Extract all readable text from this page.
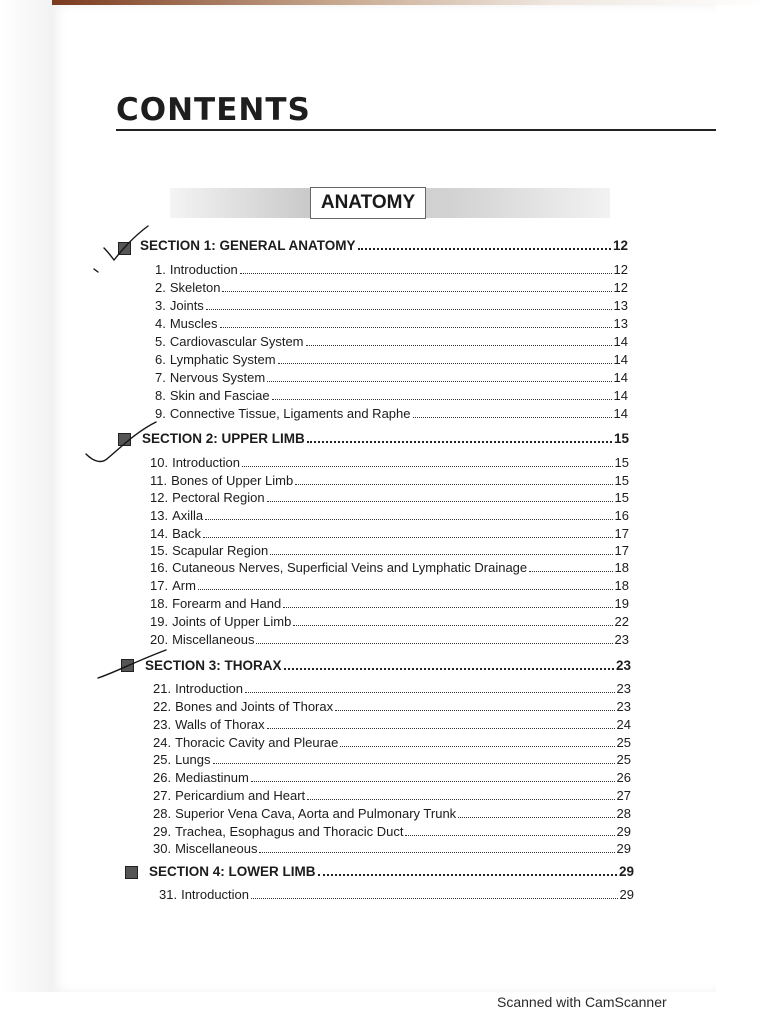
CONTENTS
ANATOMY
SECTION 1: GENERAL ANATOMY	12
1. Introduction	12
2. Skeleton	12
3. Joints	13
4. Muscles	13
5. Cardiovascular System	14
6. Lymphatic System	14
7. Nervous System	14
8. Skin and Fasciae	14
9. Connective Tissue, Ligaments and Raphe	14
SECTION 2: UPPER LIMB	15
10. Introduction	15
11. Bones of Upper Limb	15
12. Pectoral Region	15
13. Axilla	16
14. Back	17
15. Scapular Region	17
16. Cutaneous Nerves, Superficial Veins and Lymphatic Drainage	18
17. Arm	18
18. Forearm and Hand	19
19. Joints of Upper Limb	22
20. Miscellaneous	23
SECTION 3: THORAX	23
21. Introduction	23
22. Bones and Joints of Thorax	23
23. Walls of Thorax	24
24. Thoracic Cavity and Pleurae	25
25. Lungs	25
26. Mediastinum	26
27. Pericardium and Heart	27
28. Superior Vena Cava, Aorta and Pulmonary Trunk	28
29. Trachea, Esophagus and Thoracic Duct	29
30. Miscellaneous	29
SECTION 4: LOWER LIMB	29
31. Introduction	29
Scanned with CamScanner
